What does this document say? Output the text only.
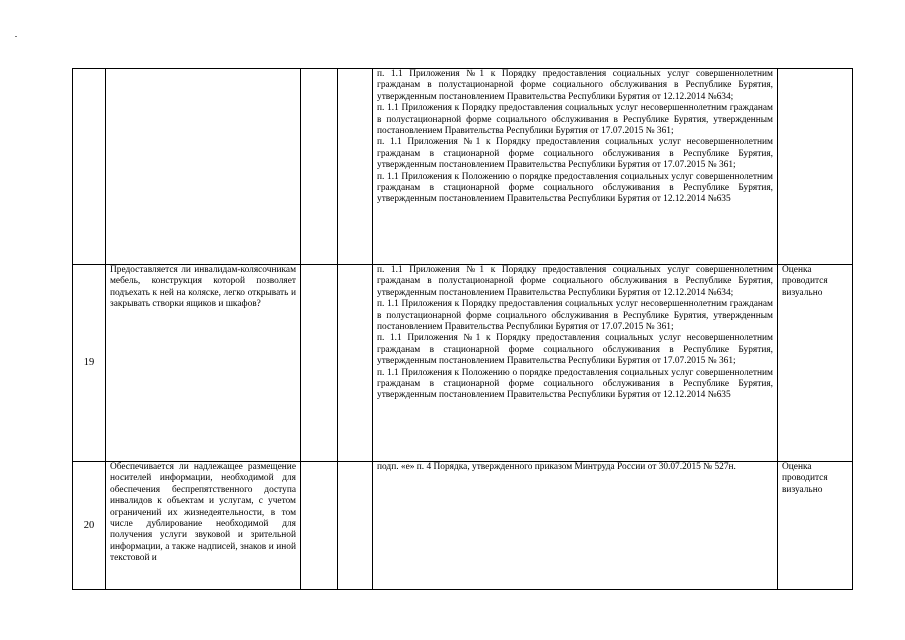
				п. 1.1 Приложения №1 к Порядку предоставления социальных услуг совершеннолетним гражданам в полустационарной форме социального обслуживания в Республике Бурятия, утвержденным постановлением Правительства Республики Бурятия от 12.12.2014 №634;
п. 1.1 Приложения к Порядку предоставления социальных услуг несовершеннолетним гражданам в полустационарной форме социального обслуживания в Республике Бурятия, утвержденным постановлением Правительства Республики Бурятия от 17.07.2015 № 361;
п. 1.1 Приложения №1 к Порядку предоставления социальных услуг несовершеннолетним гражданам в стационарной форме социального обслуживания в Республике Бурятия, утвержденным постановлением Правительства Республики Бурятия от 17.07.2015 № 361;
п. 1.1 Приложения к Положению о порядке предоставления социальных услуг совершеннолетним гражданам в стационарной форме социального обслуживания в Республике Бурятия, утвержденным постановлением Правительства Республики Бурятия от 12.12.2014 №635	

19	Предоставляется ли инвалидам-колясочникам мебель, конструкция которой позволяет подъехать к ней на коляске, легко открывать и закрывать створки ящиков и шкафов?			п. 1.1 Приложения №1 к Порядку предоставления социальных услуг совершеннолетним гражданам в полустационарной форме социального обслуживания в Республике Бурятия, утвержденным постановлением Правительства Республики Бурятия от 12.12.2014 №634;
п. 1.1 Приложения к Порядку предоставления социальных услуг несовершеннолетним гражданам в полустационарной форме социального обслуживания в Республике Бурятия, утвержденным постановлением Правительства Республики Бурятия от 17.07.2015 № 361;
п. 1.1 Приложения №1 к Порядку предоставления социальных услуг несовершеннолетним гражданам в стационарной форме социального обслуживания в Республике Бурятия, утвержденным постановлением Правительства Республики Бурятия от 17.07.2015 № 361;
п. 1.1 Приложения к Положению о порядке предоставления социальных услуг совершеннолетним гражданам в стационарной форме социального обслуживания в Республике Бурятия, утвержденным постановлением Правительства Республики Бурятия от 12.12.2014 №635	Оценка проводится визуально
20	Обеспечивается ли надлежащее размещение носителей информации, необходимой для обеспечения беспрепятственного доступа инвалидов к объектам и услугам, с учетом ограничений их жизнедеятельности, в том числе дублирование необходимой для получения услуги звуковой и зрительной информации, а также надписей, знаков и иной текстовой и			подп. «е» п. 4 Порядка, утвержденного приказом Минтруда России от 30.07.2015 № 527н.	Оценка проводится визуально
